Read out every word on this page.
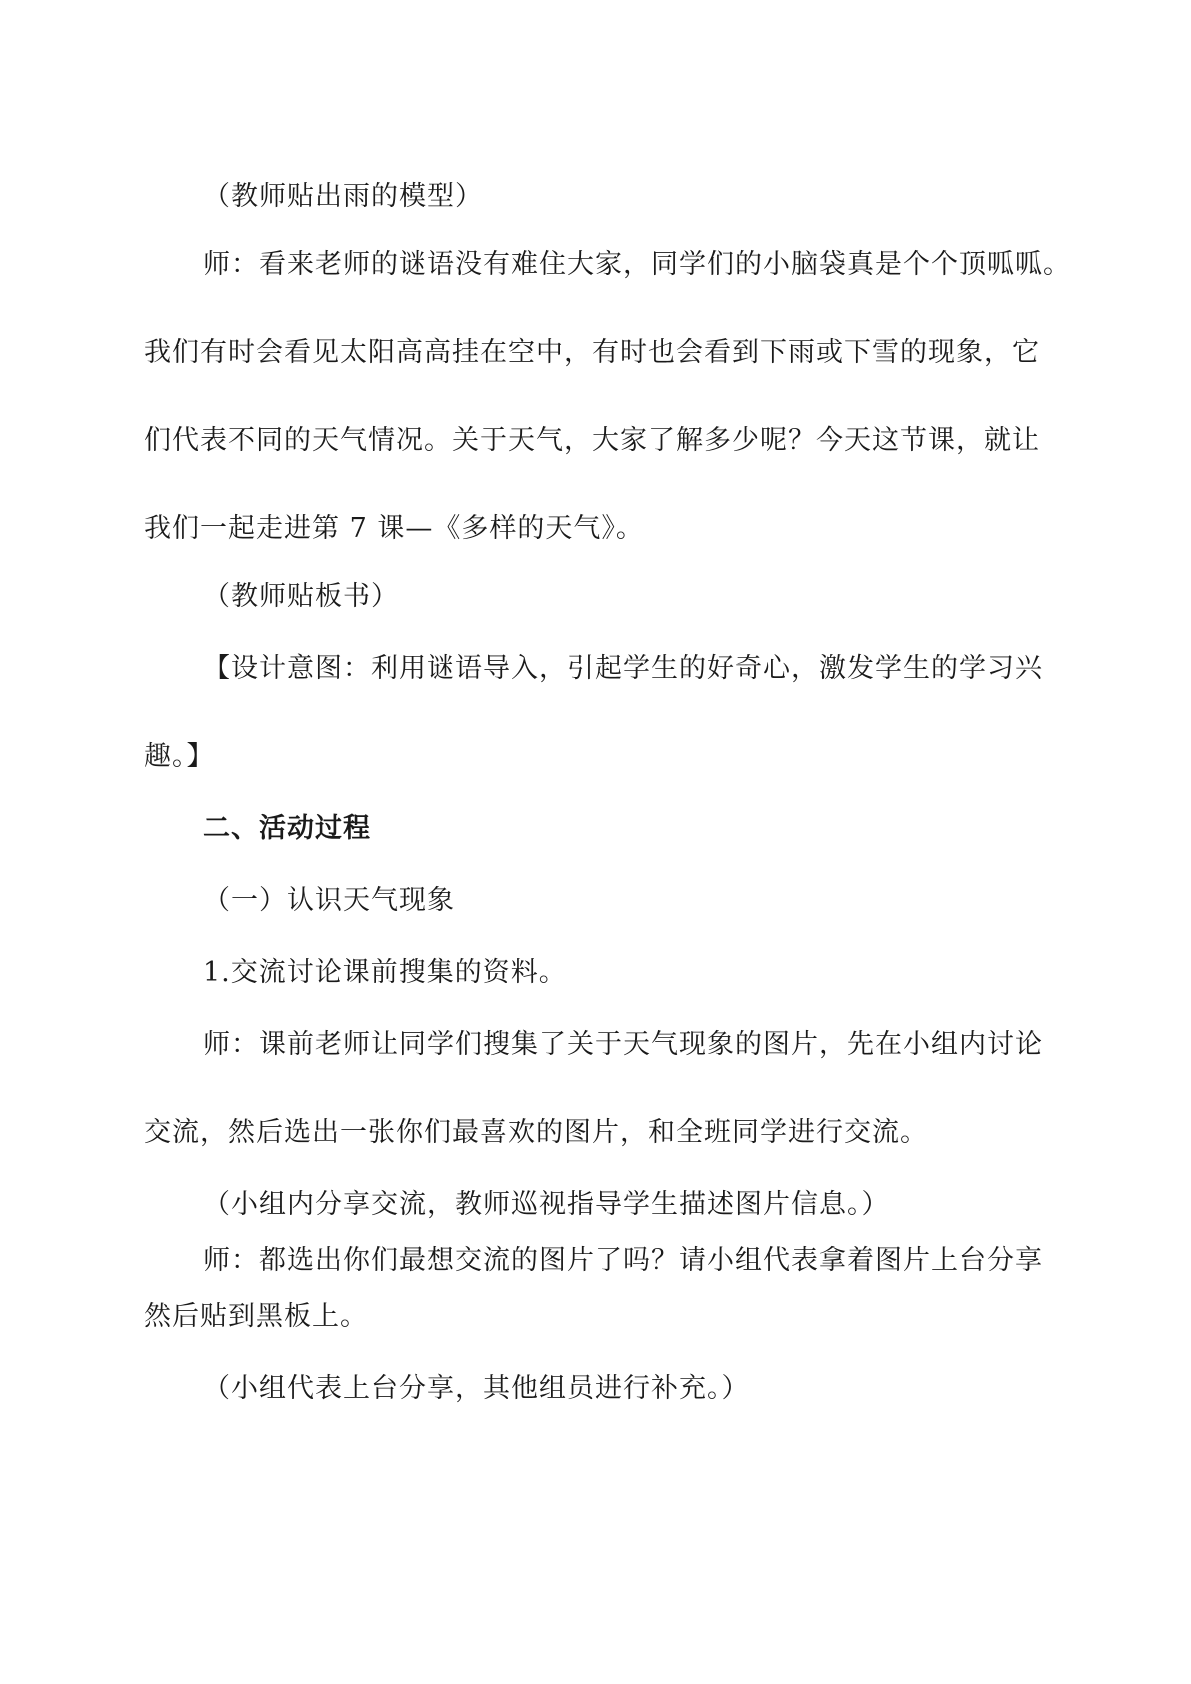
（教师贴出雨的模型）
师：看来老师的谜语没有难住大家，同学们的小脑袋真是个个顶呱呱。
我们有时会看见太阳高高挂在空中，有时也会看到下雨或下雪的现象，它
们代表不同的天气情况。关于天气，大家了解多少呢？今天这节课，就让
我们一起走进第 7 课—《多样的天气》。
（教师贴板书）
【设计意图：利用谜语导入，引起学生的好奇心，激发学生的学习兴
趣。】
二、活动过程
（一）认识天气现象
1.交流讨论课前搜集的资料。
师：课前老师让同学们搜集了关于天气现象的图片，先在小组内讨论
交流，然后选出一张你们最喜欢的图片，和全班同学进行交流。
（小组内分享交流，教师巡视指导学生描述图片信息。）
师：都选出你们最想交流的图片了吗？请小组代表拿着图片上台分享
然后贴到黑板上。
（小组代表上台分享，其他组员进行补充。）
